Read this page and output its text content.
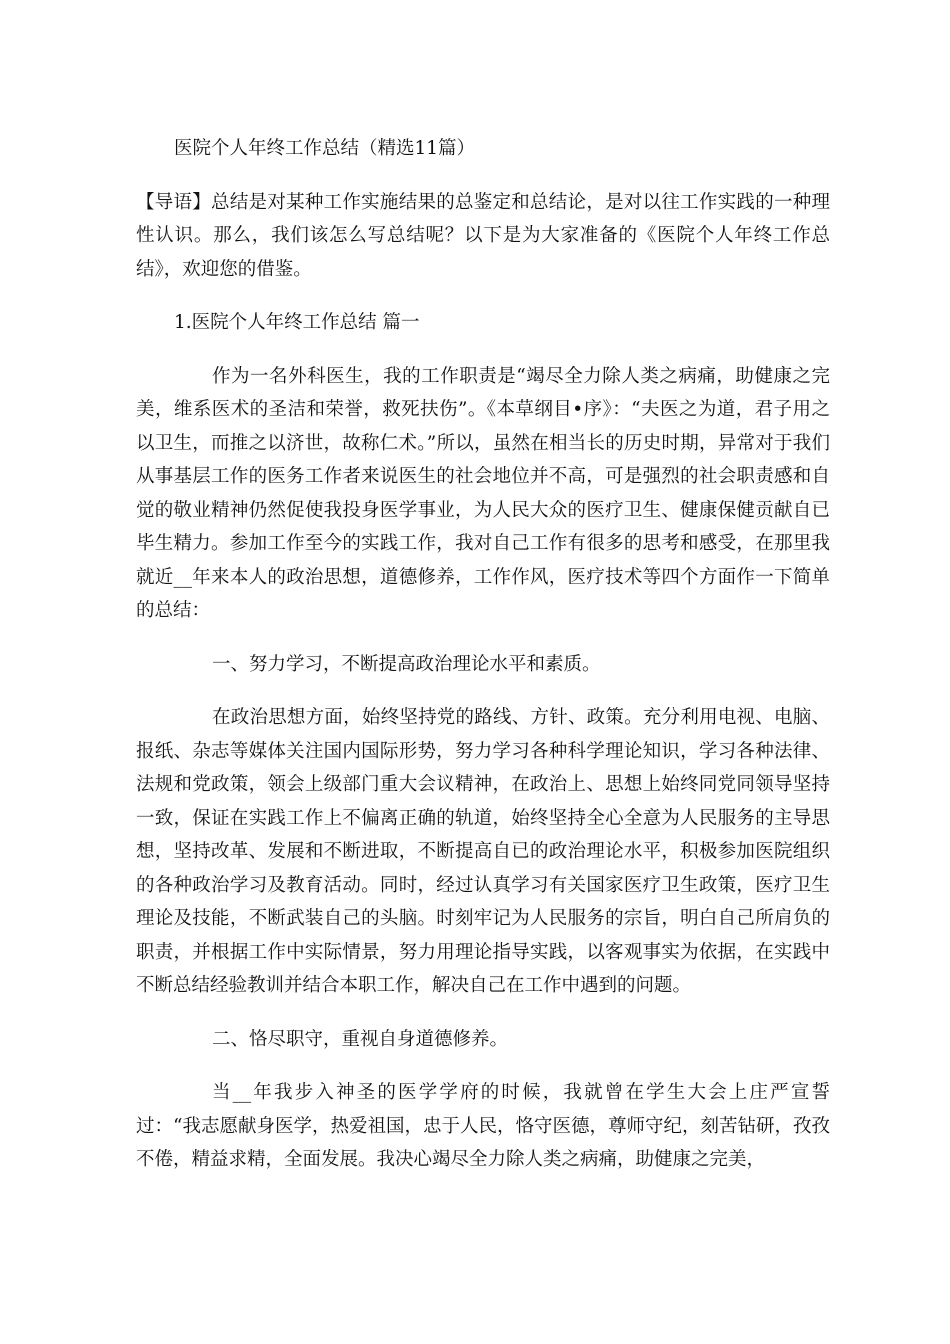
医院个人年终工作总结（精选11篇）

【导语】总结是对某种工作实施结果的总鉴定和总结论，是对以往工作实践的一种理性认识。那么，我们该怎么写总结呢？以下是为大家准备的《医院个人年终工作总结》，欢迎您的借鉴。

1.医院个人年终工作总结 篇一

作为一名外科医生，我的工作职责是“竭尽全力除人类之病痛，助健康之完美，维系医术的圣洁和荣誉，救死扶伤”。《本草纲目•序》：“夫医之为道，君子用之以卫生，而推之以济世，故称仁术。”所以，虽然在相当长的历史时期，异常对于我们从事基层工作的医务工作者来说医生的社会地位并不高，可是强烈的社会职责感和自觉的敬业精神仍然促使我投身医学事业，为人民大众的医疗卫生、健康保健贡献自已毕生精力。参加工作至今的实践工作，我对自己工作有很多的思考和感受，在那里我就近__年来本人的政治思想，道德修养，工作作风，医疗技术等四个方面作一下简单的总结：

一、努力学习，不断提高政治理论水平和素质。

在政治思想方面，始终坚持党的路线、方针、政策。充分利用电视、电脑、报纸、杂志等媒体关注国内国际形势，努力学习各种科学理论知识，学习各种法律、法规和党政策，领会上级部门重大会议精神，在政治上、思想上始终同党同领导坚持一致，保证在实践工作上不偏离正确的轨道，始终坚持全心全意为人民服务的主导思想，坚持改革、发展和不断进取，不断提高自已的政治理论水平，积极参加医院组织的各种政治学习及教育活动。同时，经过认真学习有关国家医疗卫生政策，医疗卫生理论及技能，不断武装自己的头脑。时刻牢记为人民服务的宗旨，明白自己所肩负的职责，并根据工作中实际情景，努力用理论指导实践，以客观事实为依据，在实践中不断总结经验教训并结合本职工作，解决自己在工作中遇到的问题。

二、恪尽职守，重视自身道德修养。

当__年我步入神圣的医学学府的时候，我就曾在学生大会上庄严宣誓过：“我志愿献身医学，热爱祖国，忠于人民，恪守医德，尊师守纪，刻苦钻研，孜孜不倦，精益求精，全面发展。我决心竭尽全力除人类之病痛，助健康之完美，
